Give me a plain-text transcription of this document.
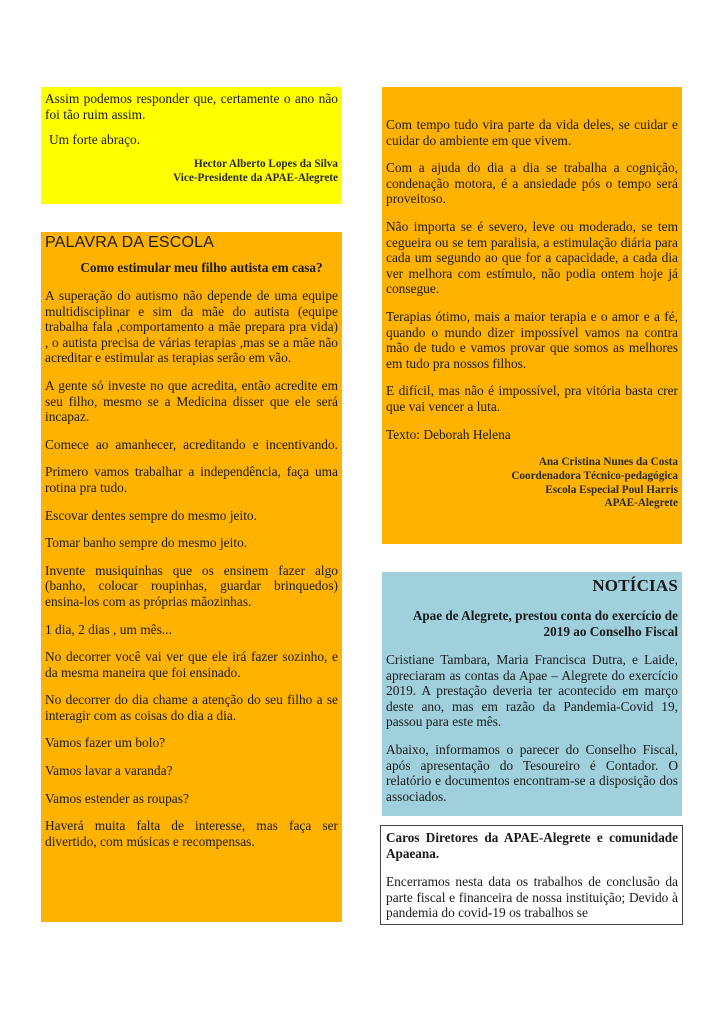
Assim podemos responder que, certamente o ano não foi tão ruim assim.

Um forte abraço.

Hector Alberto Lopes da Silva
Vice-Presidente da APAE-Alegrete
PALAVRA DA ESCOLA
Como estimular meu filho autista em casa?

A superação do autismo não depende de uma equipe multidisciplinar e sim da mãe do autista (equipe trabalha fala ,comportamento a mãe prepara pra vida) , o autista precisa de várias terapias ,mas se a mãe não acreditar e estimular as terapias serão em vão.

A gente só investe no que acredita, então acredite em seu filho, mesmo se a Medicina disser que ele será incapaz.

Comece ao amanhecer, acreditando e incentivando.

Primero vamos trabalhar a independência, faça uma rotina pra tudo.

Escovar dentes sempre do mesmo jeito.

Tomar banho sempre do mesmo jeito.

Invente musiquinhas que os ensinem fazer algo (banho, colocar roupinhas, guardar brinquedos) ensina-los com as próprias mãozinhas.

1 dia, 2 dias , um mês...

No decorrer você vai ver que ele irá fazer sozinho, e da mesma maneira que foi ensinado.

No decorrer do dia chame a atenção do seu filho a se interagir com as coisas do dia a dia.

Vamos fazer um bolo?

Vamos lavar a varanda?

Vamos estender as roupas?

Haverá muita falta de interesse, mas faça ser divertido, com músicas e recompensas.

Com tempo tudo vira parte da vida deles, se cuidar e cuidar do ambiente em que vivem.

Com a ajuda do dia a dia se trabalha a cognição, condenação motora, é a ansiedade pós o tempo será proveitoso.

Não importa se é severo, leve ou moderado, se tem cegueira ou se tem paralisia, a estimulação diária para cada um segundo ao que for a capacidade, a cada dia ver melhora com estímulo, não podia ontem hoje já consegue.

Terapias ótimo, mais a maior terapia e o amor e a fé, quando o mundo dizer impossível vamos na contra mão de tudo e vamos provar que somos as melhores em tudo pra nossos filhos.

E difícil, mas não é impossível, pra vitória basta crer que vai vencer a luta.

Texto: Deborah Helena

Ana Cristina Nunes da Costa
Coordenadora Técnico-pedagógica
Escola Especial Poul Harris
APAE-Alegrete
NOTÍCIAS
Apae de Alegrete, prestou conta do exercício de 2019 ao Conselho Fiscal

Cristiane Tambara, Maria Francisca Dutra, e Laide, apreciaram as contas da Apae – Alegrete do exercício 2019. A prestação deveria ter acontecido em março deste ano, mas em razão da Pandemia-Covid 19, passou para este mês.

Abaixo, informamos o parecer do Conselho Fiscal, após apresentação do Tesoureiro é Contador. O relatório e documentos encontram-se a disposição dos associados.

Caros Diretores da APAE-Alegrete e comunidade Apaeana.

Encerramos nesta data os trabalhos de conclusão da parte fiscal e financeira de nossa instituição; Devido à pandemia do covid-19 os trabalhos se
